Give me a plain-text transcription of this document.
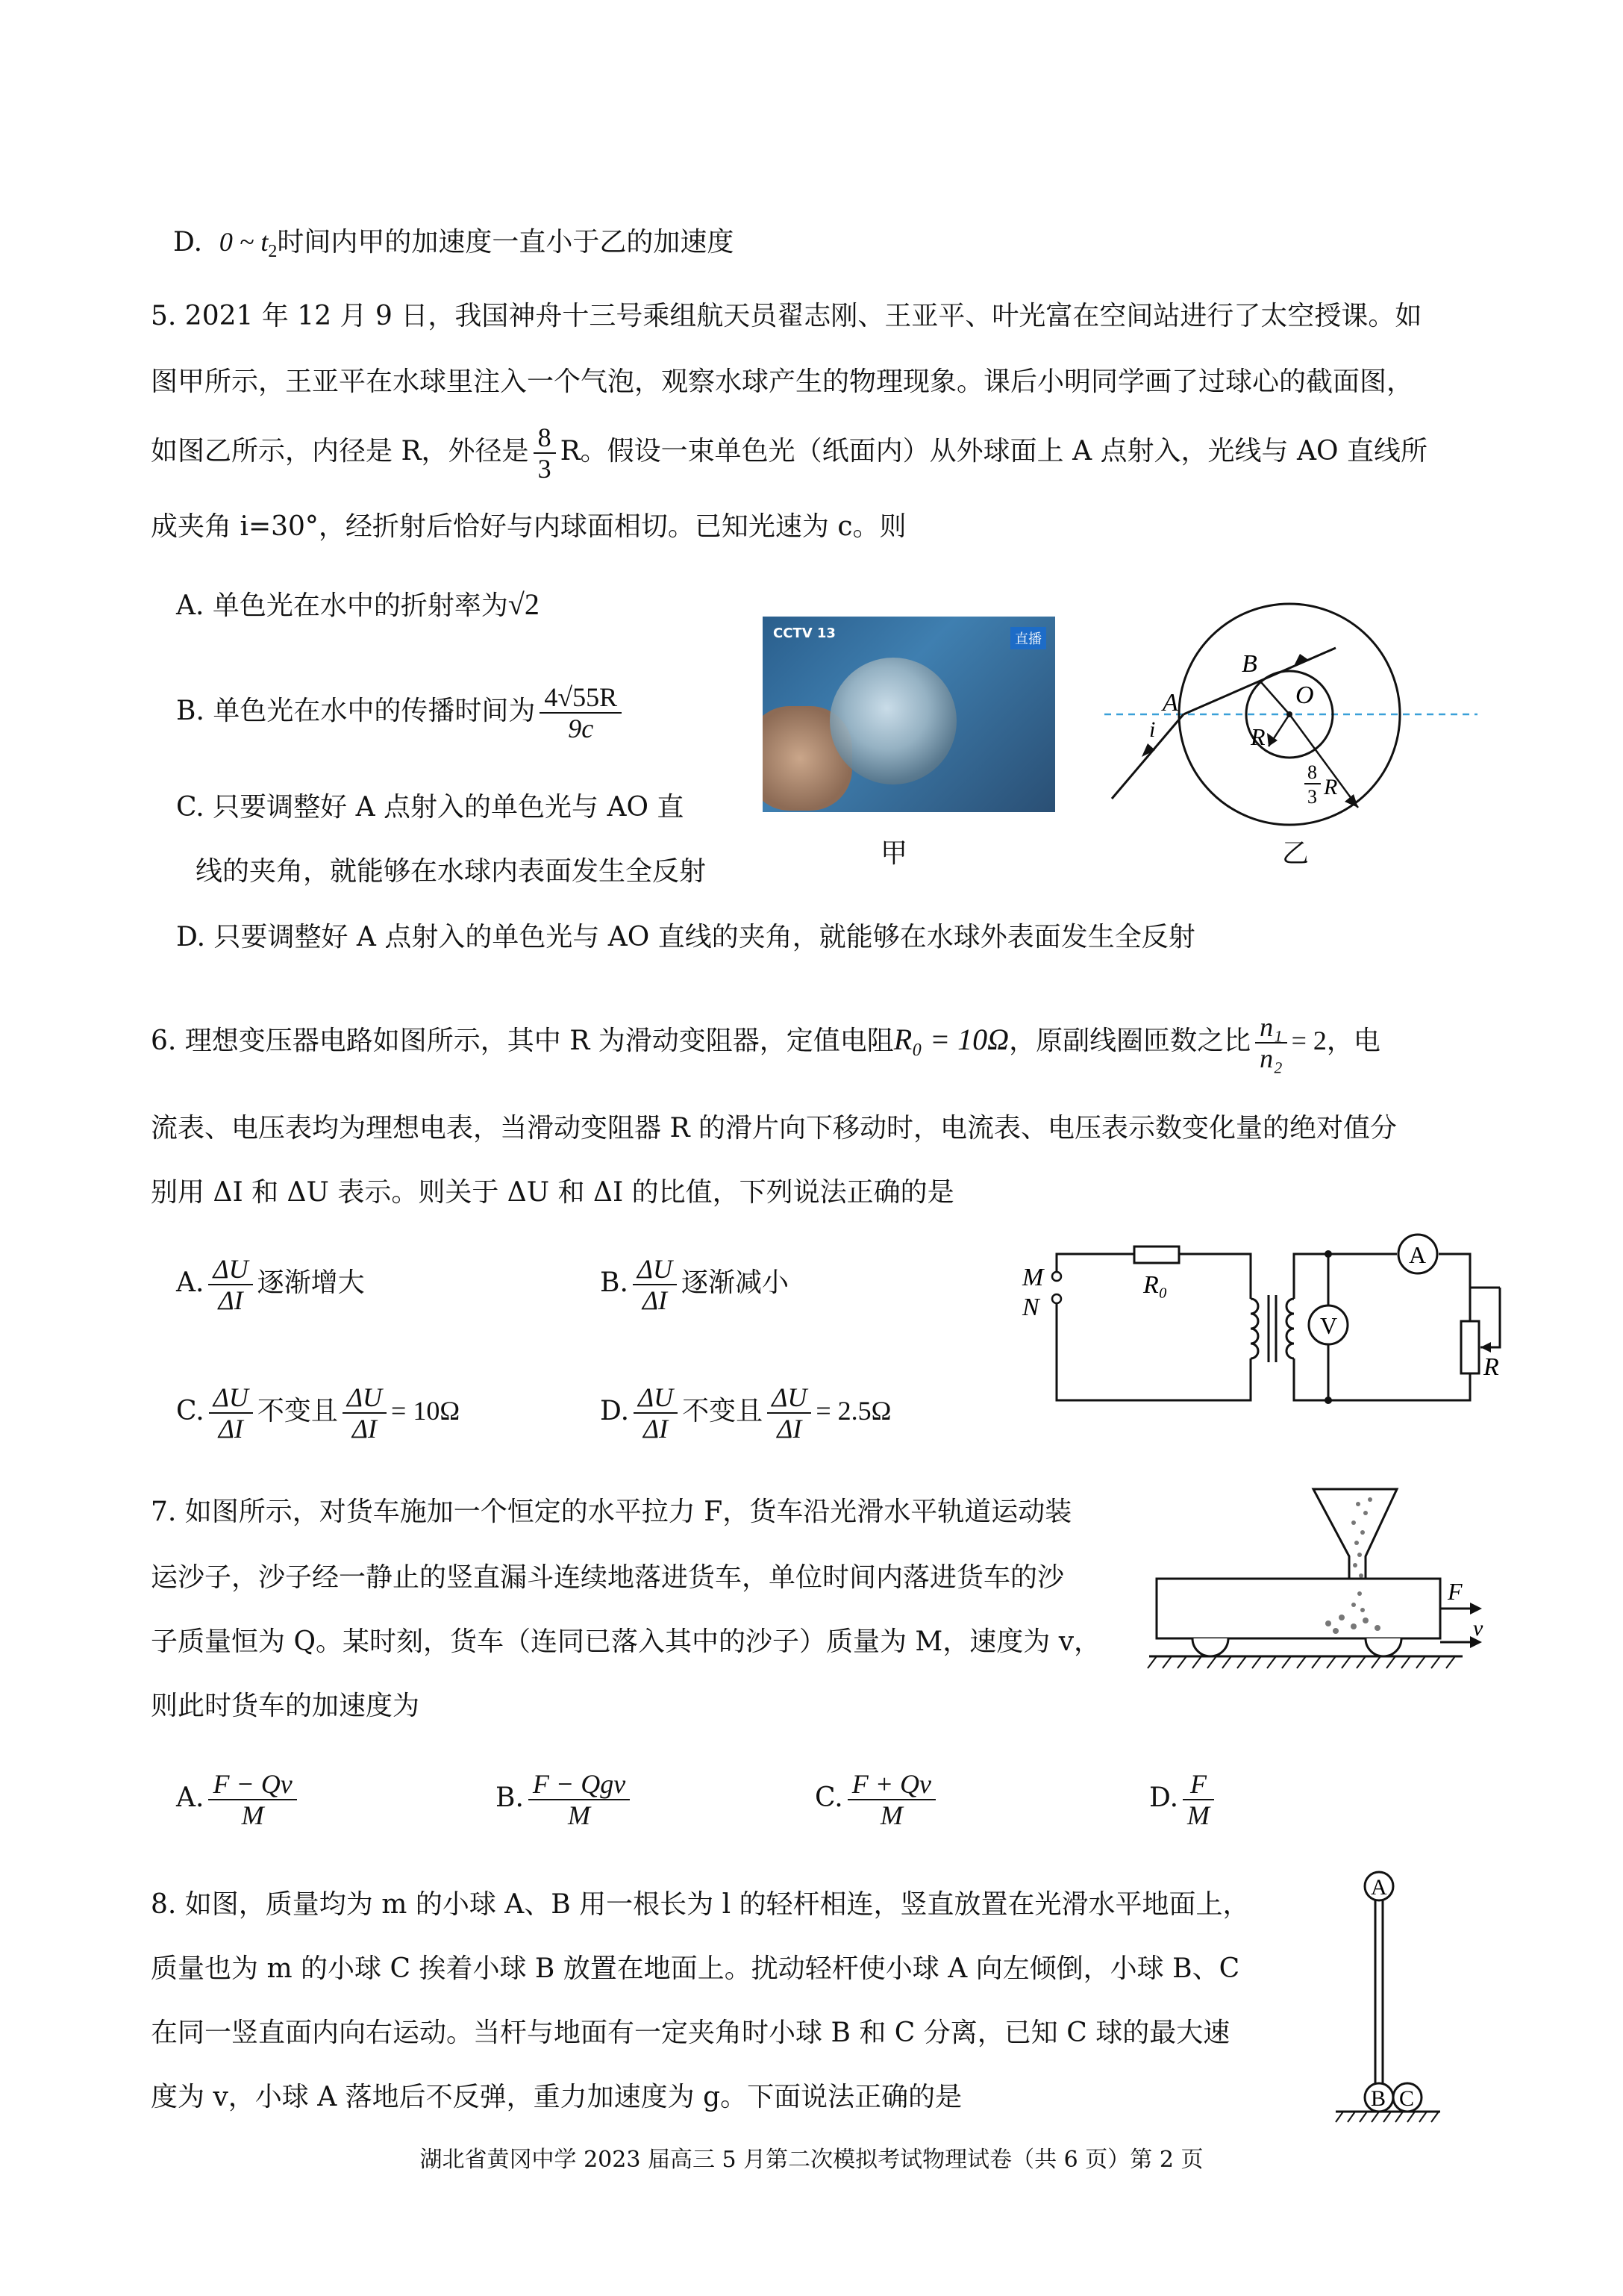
D. 0 ~ $t_2$时间内甲的加速度一直小于乙的加速度
5. 2021 年 12 月 9 日，我国神舟十三号乘组航天员翟志刚、王亚平、叶光富在空间站进行了太空授课。如
图甲所示，王亚平在水球里注入一个气泡，观察水球产生的物理现象。课后小明同学画了过球心的截面图，
如图乙所示，内径是 R，外径是 $\frac{8}{3}$ R。假设一束单色光（纸面内）从外球面上 A 点射入，光线与 AO 直线所
成夹角 i=30°，经折射后恰好与内球面相切。已知光速为 c。则
A. 单色光在水中的折射率为√2
B. 单色光在水中的传播时间为 $\frac{4√55R}{9c}$
C. 只要调整好 A 点射入的单色光与 AO 直
线的夹角，就能够在水球内表面发生全反射
D. 只要调整好 A 点射入的单色光与 AO 直线的夹角，就能够在水球外表面发生全反射
CCTV 13	直播
甲	乙
A
B
O
R
i
8
3 R
6. 理想变压器电路如图所示，其中 R 为滑动变阻器，定值电阻R₀ = 10Ω，原副线圈匝数之比 $\frac{\text{n₁}}{\text{n₂}} = 2$，电
流表、电压表均为理想电表，当滑动变阻器 R 的滑片向下移动时，电流表、电压表示数变化量的绝对值分
别用 ΔI 和 ΔU 表示。则关于 ΔU 和 ΔI 的比值，下列说法正确的是
A. $\frac{\Delta U}{\Delta I}$ 逐渐增大	B. $\frac{\Delta U}{\Delta I}$ 逐渐减小
C. $\frac{\Delta U}{\Delta I}$ 不变且 $\frac{\Delta U}{\Delta I} = 10\Omega$	D. $\frac{\Delta U}{\Delta I}$ 不变且 $\frac{\Delta U}{\Delta I} = 2.5\Omega$
R₀
M
N
V
A
R
7. 如图所示，对货车施加一个恒定的水平拉力 F，货车沿光滑水平轨道运动装
运沙子，沙子经一静止的竖直漏斗连续地落进货车，单位时间内落进货车的沙
子质量恒为 Q。某时刻，货车（连同已落入其中的沙子）质量为 M，速度为 v，
则此时货车的加速度为
A. $\frac{F - Qv}{M}$	B. $\frac{\text{F − Qgv}}{M}$	C. $\frac{F + Qv}{M}$	D. $\frac{F}{M}$
F
v
8. 如图，质量均为 m 的小球 A、B 用一根长为 l 的轻杆相连，竖直放置在光滑水平地面上，
质量也为 m 的小球 C 挨着小球 B 放置在地面上。扰动轻杆使小球 A 向左倾倒，小球 B、C
在同一竖直面内向右运动。当杆与地面有一定夹角时小球 B 和 C 分离，已知 C 球的最大速
度为 v，小球 A 落地后不反弹，重力加速度为 g。下面说法正确的是
A
B C
湖北省黄冈中学 2023 届高三 5 月第二次模拟考试物理试卷（共 6 页）第 2 页
